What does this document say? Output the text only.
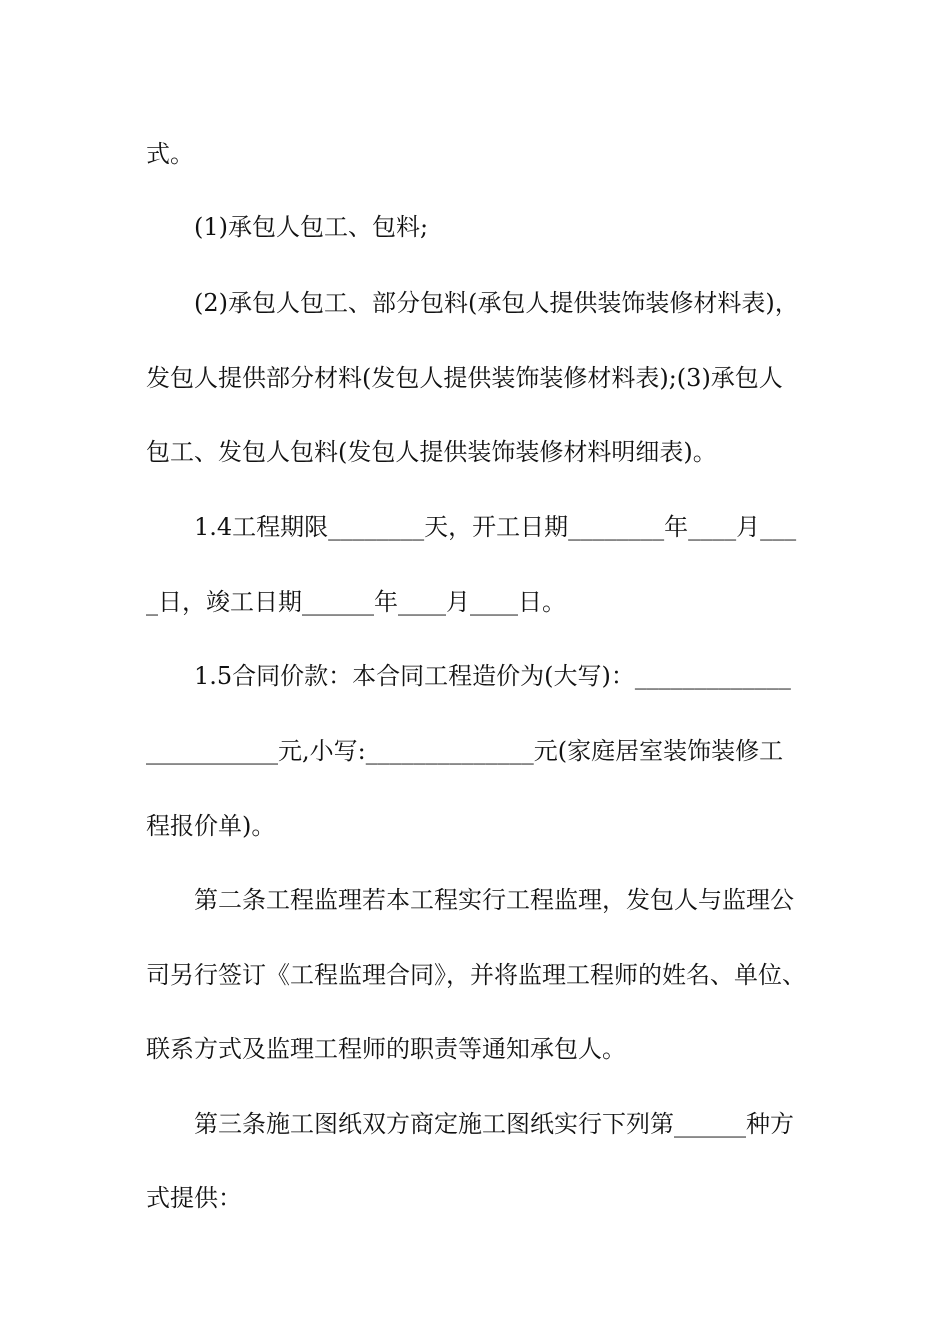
式。
(1)承包人包工、包料;
(2)承包人包工、部分包料(承包人提供装饰装修材料表)，
发包人提供部分材料(发包人提供装饰装修材料表);(3)承包人
包工、发包人包料(发包人提供装饰装修材料明细表)。
1.4工程期限________天，开工日期________年____月___
_日，竣工日期______年____月____日。
1.5合同价款：本合同工程造价为(大写)：_____________
___________元,小写:______________元(家庭居室装饰装修工
程报价单)。
第二条工程监理若本工程实行工程监理，发包人与监理公
司另行签订《工程监理合同》，并将监理工程师的姓名、单位、
联系方式及监理工程师的职责等通知承包人。
第三条施工图纸双方商定施工图纸实行下列第______种方
式提供：
